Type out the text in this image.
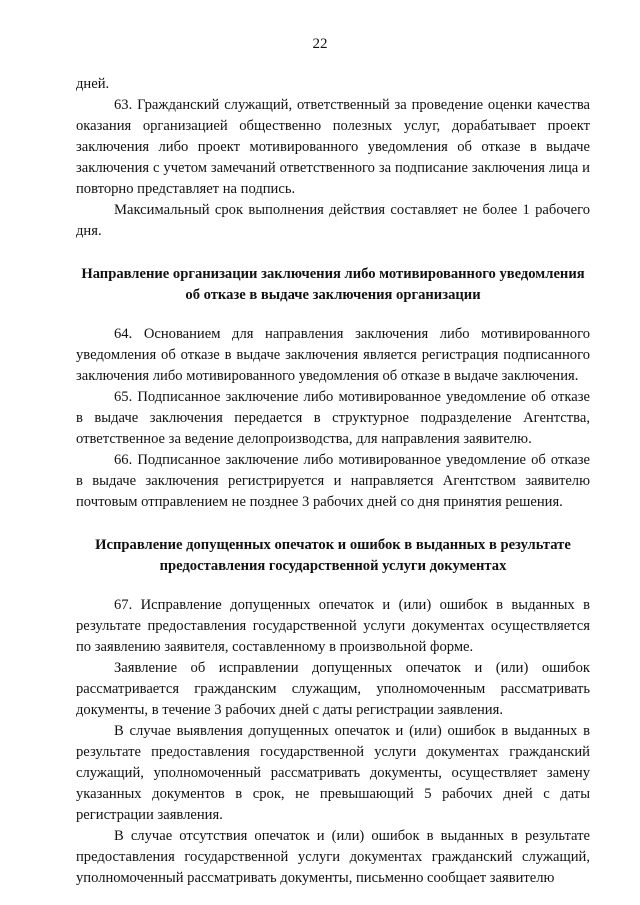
22

дней.

63. Гражданский служащий, ответственный за проведение оценки качества оказания организацией общественно полезных услуг, дорабатывает проект заключения либо проект мотивированного уведомления об отказе в выдаче заключения с учетом замечаний ответственного за подписание заключения лица и повторно представляет на подпись.

Максимальный срок выполнения действия составляет не более 1 рабочего дня.

Направление организации заключения либо мотивированного уведомления об отказе в выдаче заключения организации

64. Основанием для направления заключения либо мотивированного уведомления об отказе в выдаче заключения является регистрация подписанного заключения либо мотивированного уведомления об отказе в выдаче заключения.

65. Подписанное заключение либо мотивированное уведомление об отказе в выдаче заключения передается в структурное подразделение Агентства, ответственное за ведение делопроизводства, для направления заявителю.

66. Подписанное заключение либо мотивированное уведомление об отказе в выдаче заключения регистрируется и направляется Агентством заявителю почтовым отправлением не позднее 3 рабочих дней со дня принятия решения.

Исправление допущенных опечаток и ошибок в выданных в результате предоставления государственной услуги документах

67. Исправление допущенных опечаток и (или) ошибок в выданных в результате предоставления государственной услуги документах осуществляется по заявлению заявителя, составленному в произвольной форме.

Заявление об исправлении допущенных опечаток и (или) ошибок рассматривается гражданским служащим, уполномоченным рассматривать документы, в течение 3 рабочих дней с даты регистрации заявления.

В случае выявления допущенных опечаток и (или) ошибок в выданных в результате предоставления государственной услуги документах гражданский служащий, уполномоченный рассматривать документы, осуществляет замену указанных документов в срок, не превышающий 5 рабочих дней с даты регистрации заявления.

В случае отсутствия опечаток и (или) ошибок в выданных в результате предоставления государственной услуги документах гражданский служащий, уполномоченный рассматривать документы, письменно сообщает заявителю
